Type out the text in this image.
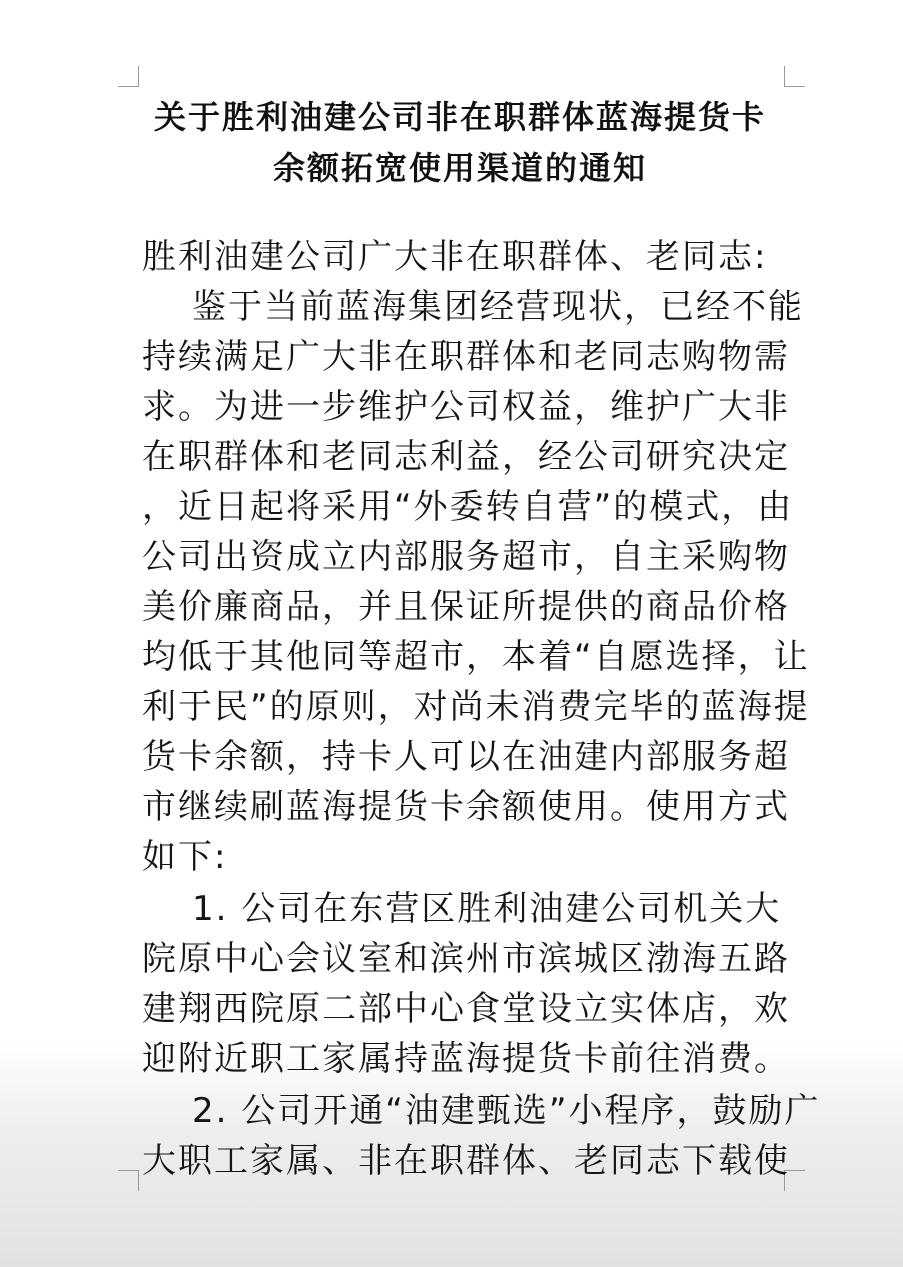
关于胜利油建公司非在职群体蓝海提货卡
余额拓宽使用渠道的通知
胜利油建公司广大非在职群体、老同志:
鉴于当前蓝海集团经营现状，已经不能
持续满足广大非在职群体和老同志购物需
求。为进一步维护公司权益，维护广大非
在职群体和老同志利益，经公司研究决定
，近日起将采用“外委转自营”的模式，由
公司出资成立内部服务超市，自主采购物
美价廉商品，并且保证所提供的商品价格
均低于其他同等超市，本着“自愿选择，让
利于民”的原则，对尚未消费完毕的蓝海提
货卡余额，持卡人可以在油建内部服务超
市继续刷蓝海提货卡余额使用。使用方式
如下:
1. 公司在东营区胜利油建公司机关大
院原中心会议室和滨州市滨城区渤海五路
建翔西院原二部中心食堂设立实体店，欢
迎附近职工家属持蓝海提货卡前往消费。
2. 公司开通“油建甄选”小程序，鼓励广
大职工家属、非在职群体、老同志下载使
